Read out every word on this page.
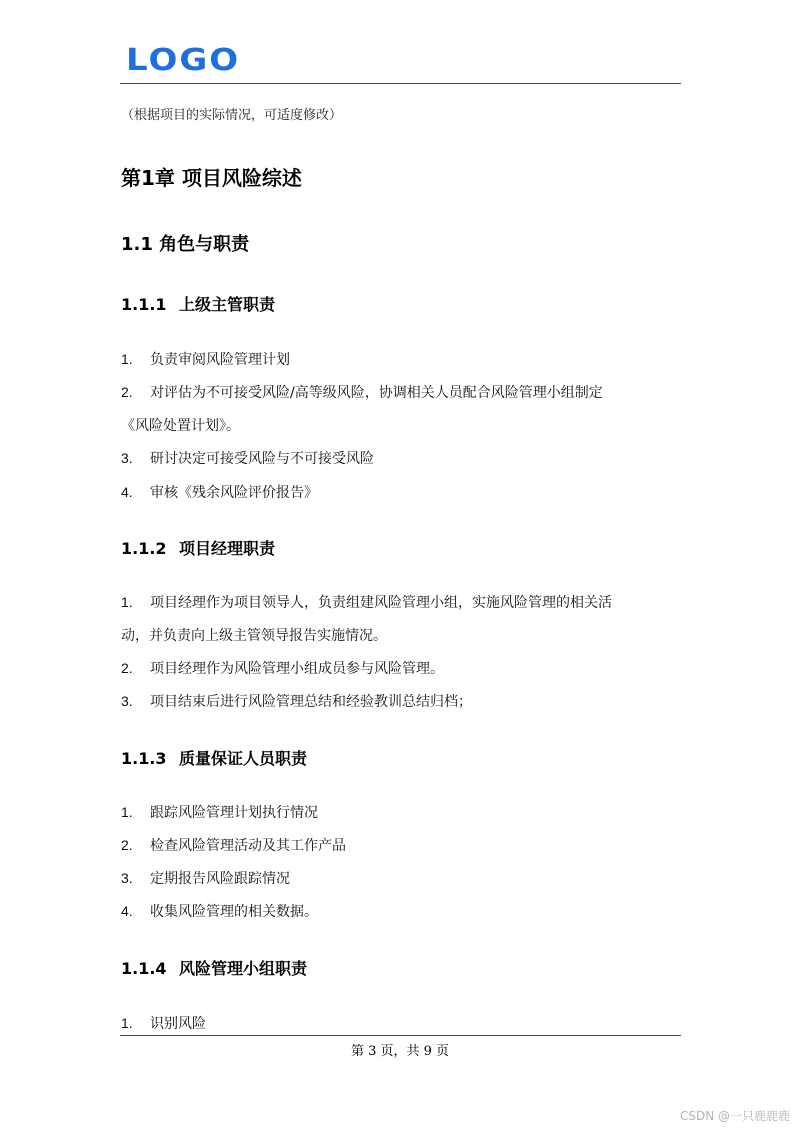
LOGO
（根据项目的实际情况，可适度修改）
第1章 项目风险综述
1.1 角色与职责
1.1.1 上级主管职责
1. 负责审阅风险管理计划
2. 对评估为不可接受风险/高等级风险，协调相关人员配合风险管理小组制定
《风险处置计划》。
3. 研讨决定可接受风险与不可接受风险
4. 审核《残余风险评价报告》
1.1.2 项目经理职责
1. 项目经理作为项目领导人，负责组建风险管理小组，实施风险管理的相关活
动，并负责向上级主管领导报告实施情况。
2. 项目经理作为风险管理小组成员参与风险管理。
3. 项目结束后进行风险管理总结和经验教训总结归档；
1.1.3 质量保证人员职责
1. 跟踪风险管理计划执行情况
2. 检查风险管理活动及其工作产品
3. 定期报告风险跟踪情况
4. 收集风险管理的相关数据。
1.1.4 风险管理小组职责
1. 识别风险
第 3 页，共 9 页
CSDN @一只鹿鹿鹿
